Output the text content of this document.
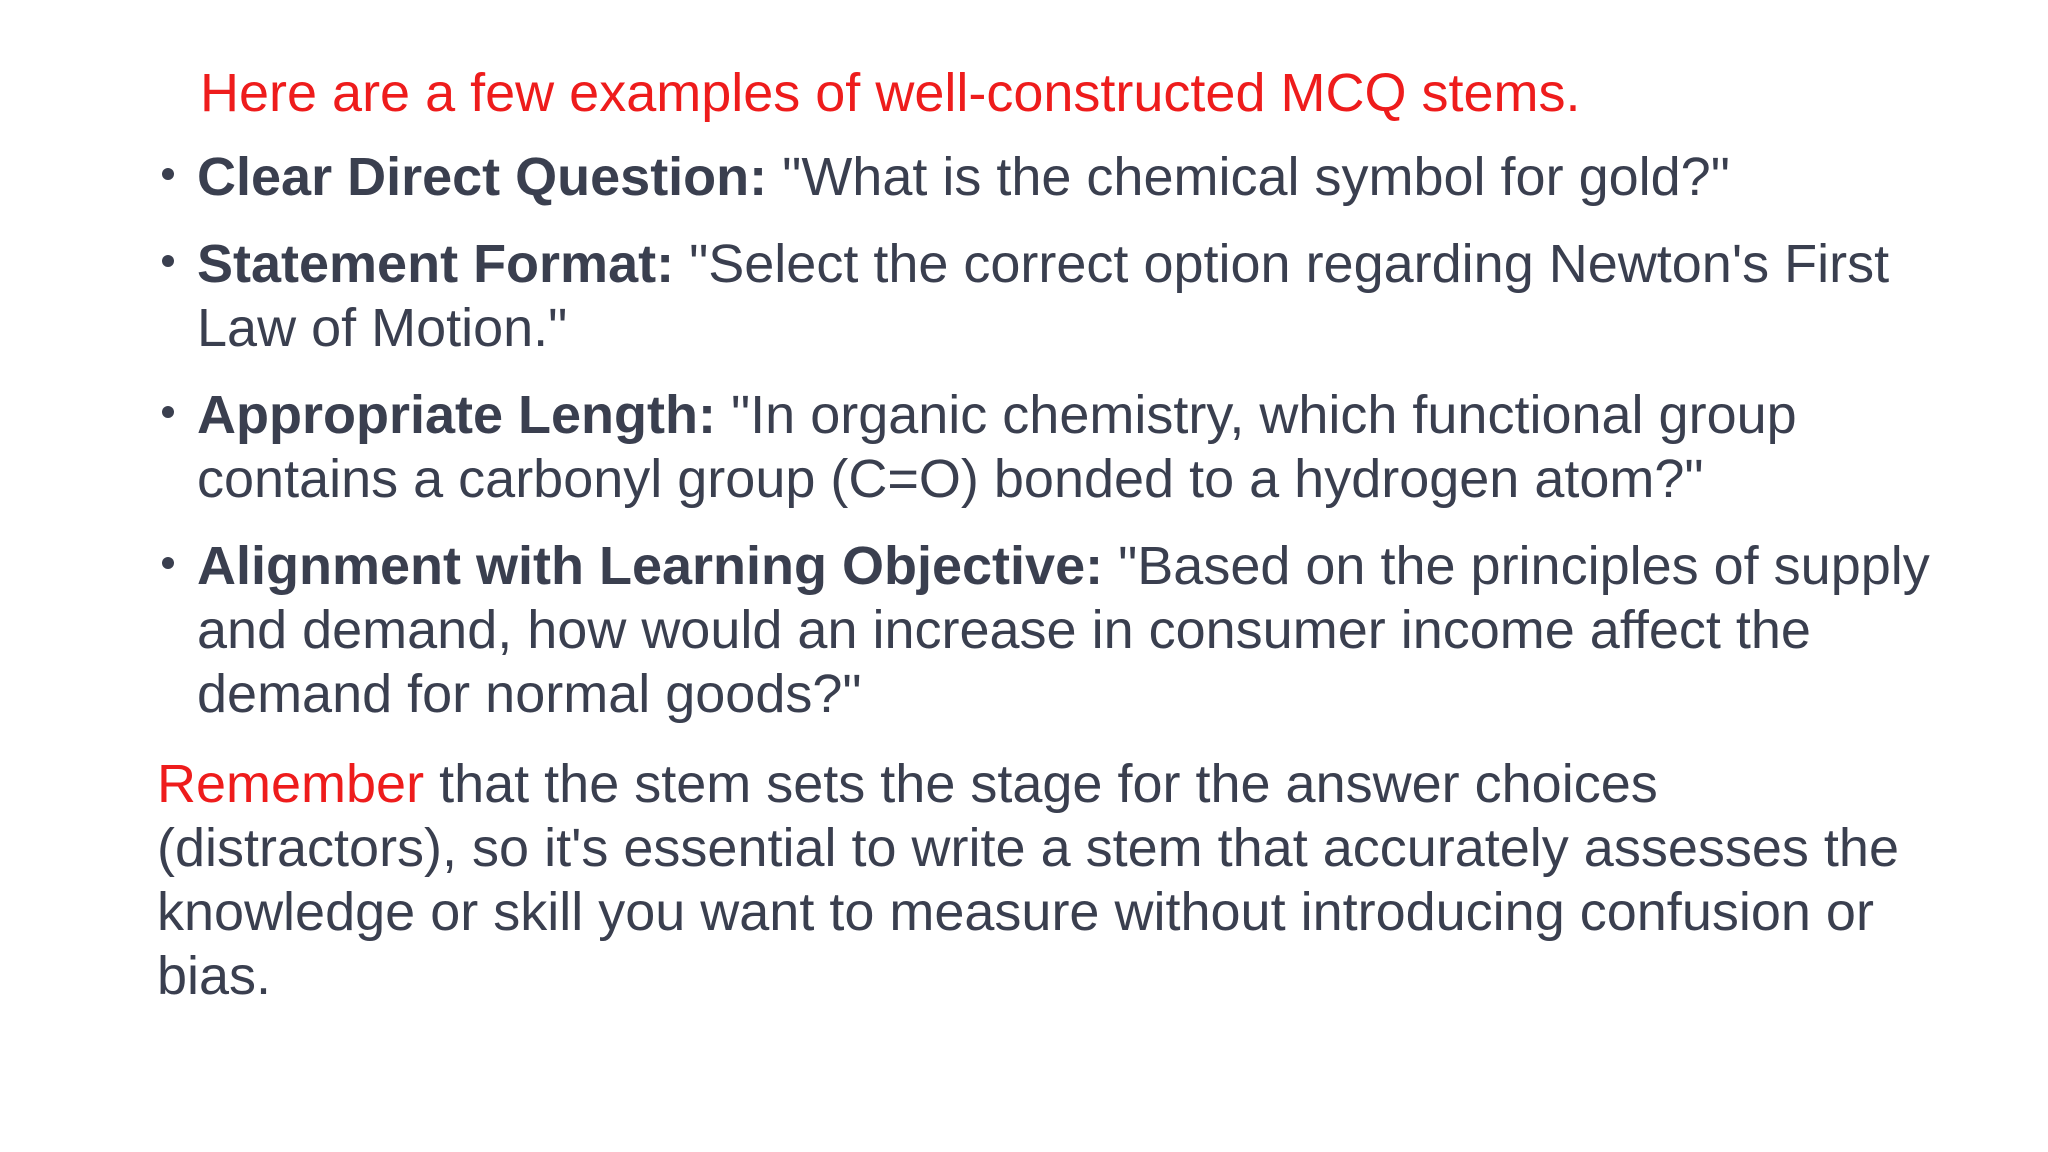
Here are a few examples of well-constructed MCQ stems.
Clear Direct Question: "What is the chemical symbol for gold?"
Statement Format: "Select the correct option regarding Newton's First Law of Motion."
Appropriate Length: "In organic chemistry, which functional group contains a carbonyl group (C=O) bonded to a hydrogen atom?"
Alignment with Learning Objective: "Based on the principles of supply and demand, how would an increase in consumer income affect the demand for normal goods?"

Remember that the stem sets the stage for the answer choices (distractors), so it's essential to write a stem that accurately assesses the knowledge or skill you want to measure without introducing confusion or bias.
